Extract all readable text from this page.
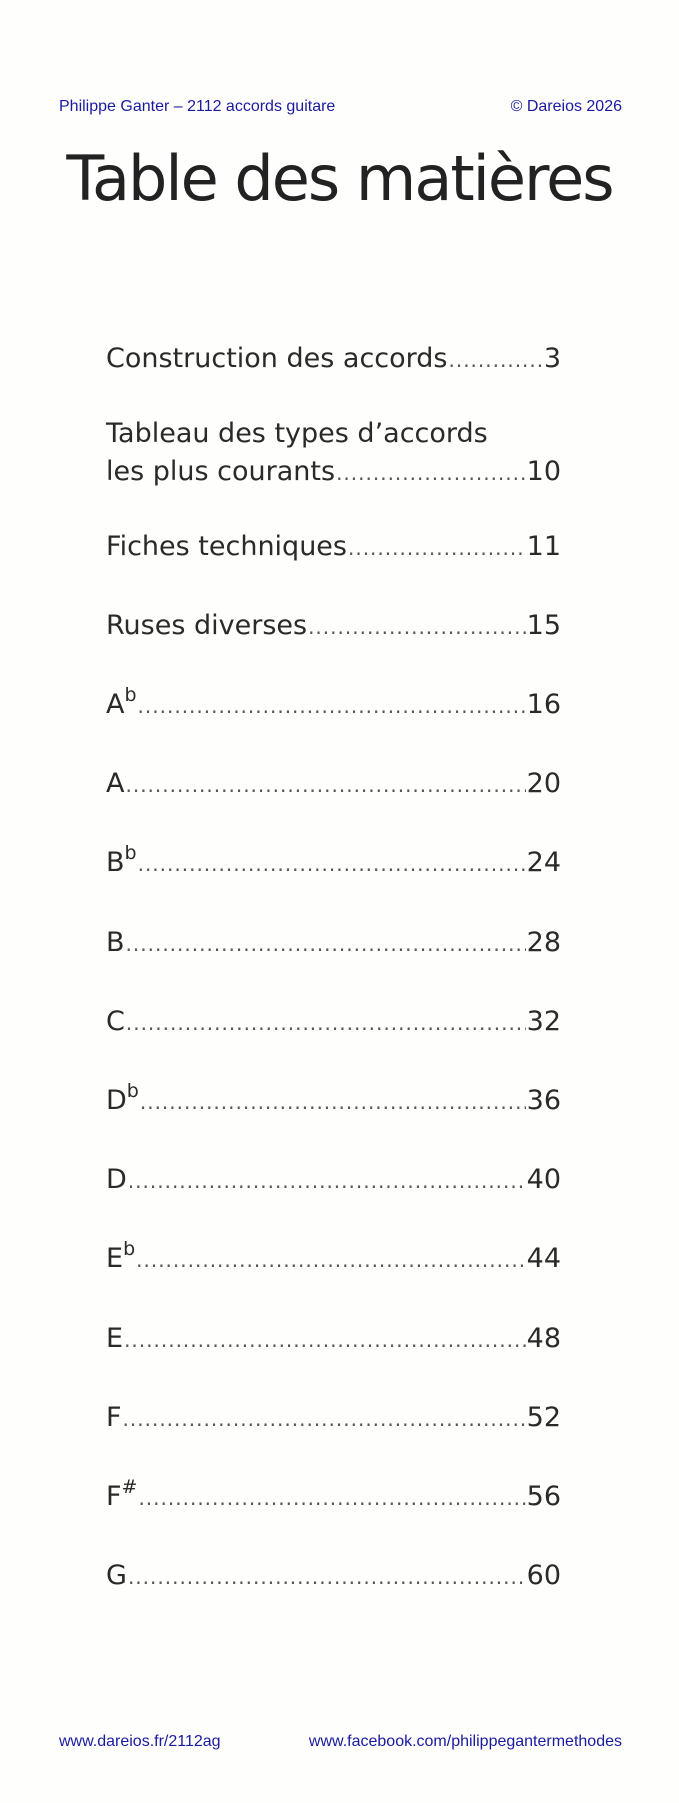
Philippe Ganter – 2112 accords guitare	© Dareios 2026
Table des matières
Construction des accords .....	3
Tableau des types d’accords
les plus courants .....	10
Fiches techniques .....	11
Ruses diverses .....	15
$A^b$ .....	16
A .....	20
$B^b$ .....	24
B .....	28
C .....	32
$D^b$ .....	36
D .....	40
$E^b$ .....	44
E .....	48
F .....	52
F# .....	56
G .....	60
www.dareios.fr/2112ag	www.facebook.com/philippegantermethodes
